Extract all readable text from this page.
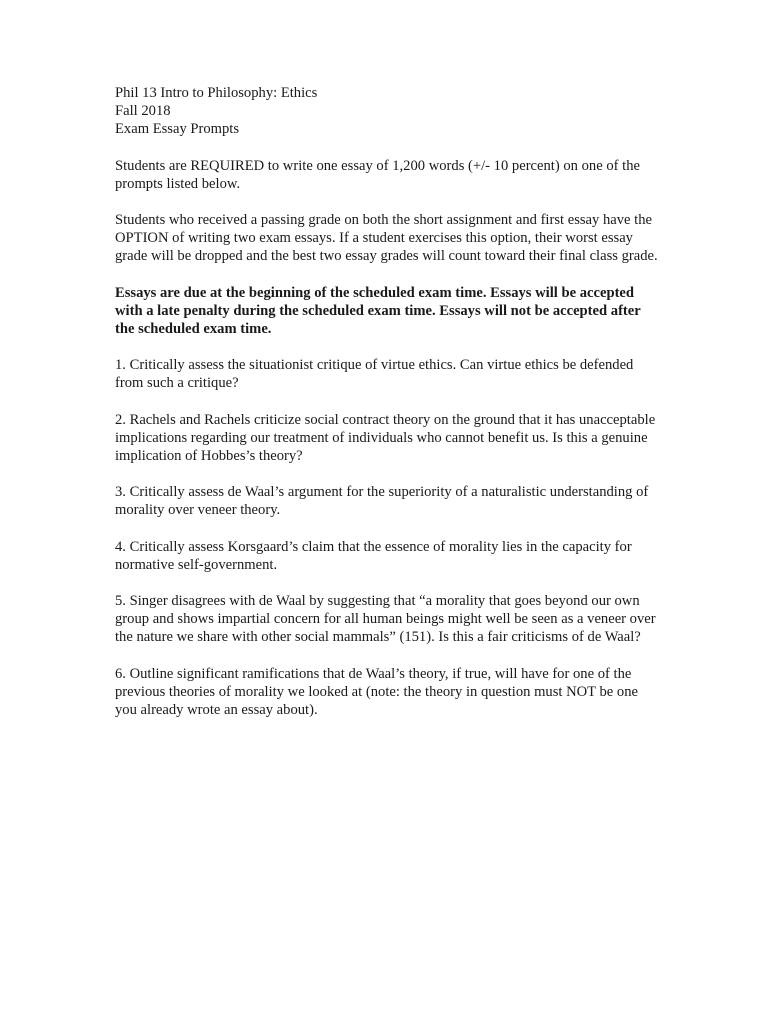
Phil 13 Intro to Philosophy: Ethics
Fall 2018
Exam Essay Prompts

Students are REQUIRED to write one essay of 1,200 words (+/- 10 percent) on one of the prompts listed below.

Students who received a passing grade on both the short assignment and first essay have the OPTION of writing two exam essays. If a student exercises this option, their worst essay grade will be dropped and the best two essay grades will count toward their final class grade.

Essays are due at the beginning of the scheduled exam time. Essays will be accepted with a late penalty during the scheduled exam time. Essays will not be accepted after the scheduled exam time.

1. Critically assess the situationist critique of virtue ethics. Can virtue ethics be defended from such a critique?

2. Rachels and Rachels criticize social contract theory on the ground that it has unacceptable implications regarding our treatment of individuals who cannot benefit us. Is this a genuine implication of Hobbes’s theory?

3. Critically assess de Waal’s argument for the superiority of a naturalistic understanding of morality over veneer theory.

4. Critically assess Korsgaard’s claim that the essence of morality lies in the capacity for normative self-government.

5. Singer disagrees with de Waal by suggesting that “a morality that goes beyond our own group and shows impartial concern for all human beings might well be seen as a veneer over the nature we share with other social mammals” (151). Is this a fair criticisms of de Waal?

6. Outline significant ramifications that de Waal’s theory, if true, will have for one of the previous theories of morality we looked at (note: the theory in question must NOT be one you already wrote an essay about).
